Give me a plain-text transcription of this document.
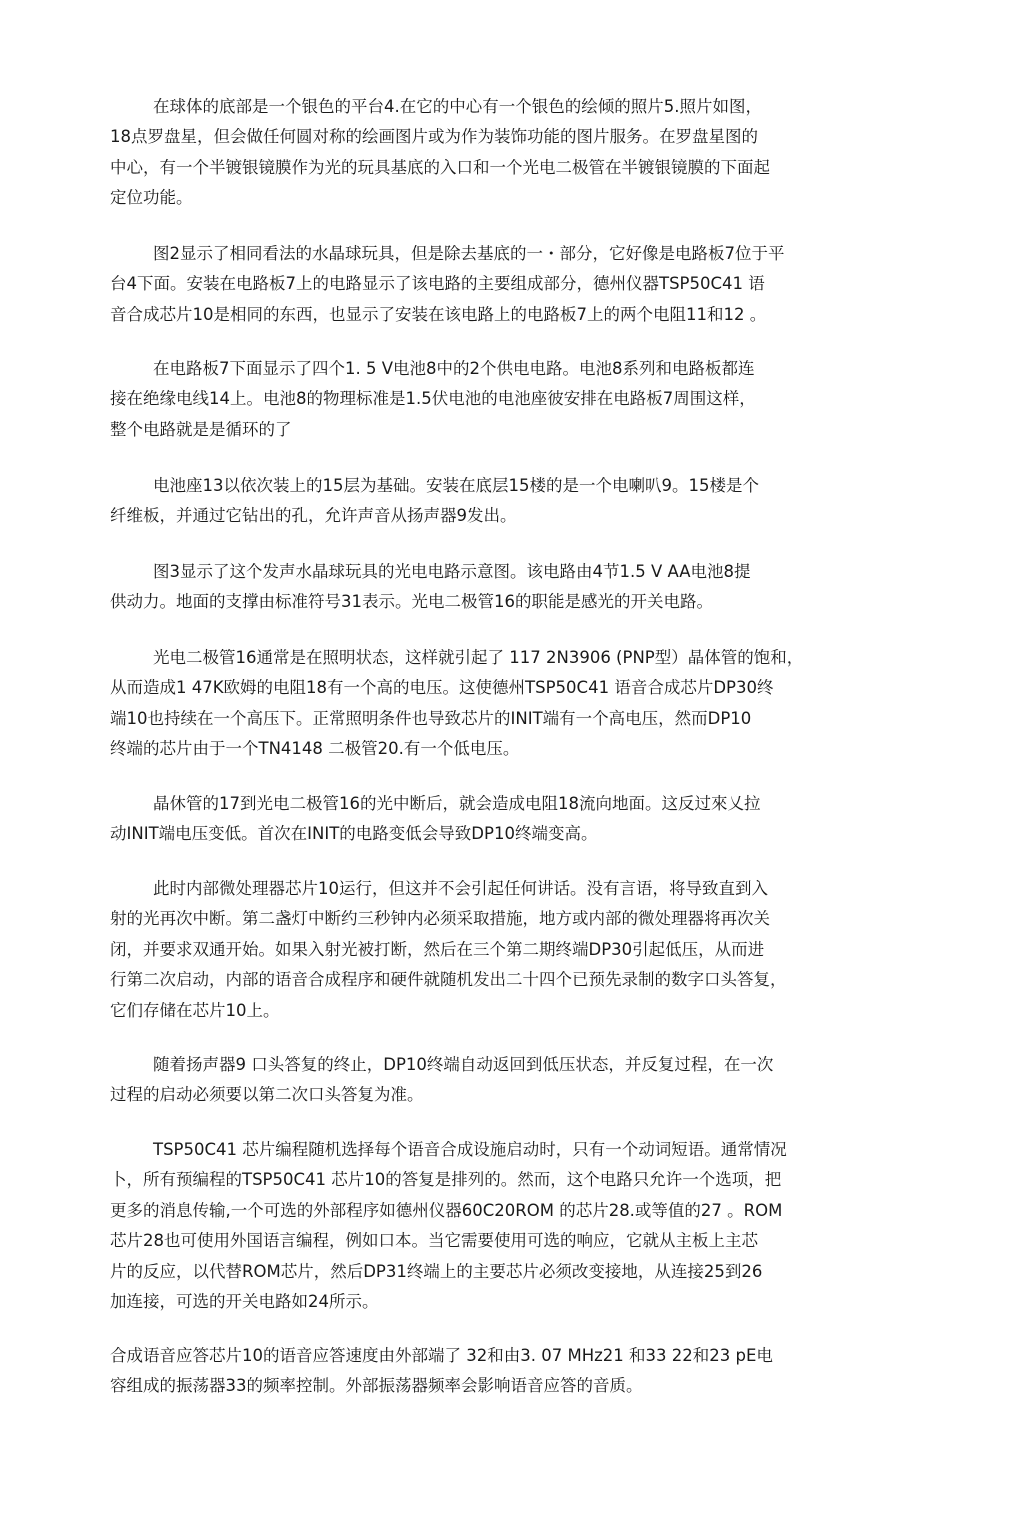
在球体的底部是一个银色的平台4.在它的中心有一个银色的绘倾的照片5.照片如图，
18点罗盘星，但会做任何圆对称的绘画图片或为作为装饰功能的图片服务。在罗盘星图的
中心，有一个半镀银镜膜作为光的玩具基底的入口和一个光电二极管在半镀银镜膜的下面起
定位功能。
图2显示了相同看法的水晶球玩具，但是除去基底的一・部分，它好像是电路板7位于平
台4下面。安装在电路板7上的电路显示了该电路的主要组成部分，德州仪器TSP50C41 语
音合成芯片10是相同的东西，也显示了安装在该电路上的电路板7上的两个电阻11和12 。
在电路板7下面显示了四个1. 5 V电池8中的2个供电电路。电池8系列和电路板都连
接在绝缘电线14上。电池8的物理标准是1.5伏电池的电池座彼安排在电路板7周围这样，
整个电路就是是循环的了
电池座13以依次装上的15层为基础。安装在底层15楼的是一个电喇叭9。15楼是个
纤维板，并通过它钻出的孔，允许声音从扬声器9发出。
图3显示了这个发声水晶球玩具的光电电路示意图。该电路由4节1.5 V AA电池8提
供动力。地面的支撑由标准符号31表示。光电二极管16的职能是感光的开关电路。
光电二极管16通常是在照明状态，这样就引起了 117 2N3906 (PNP型）晶体管的饱和，
从而造成1 47K欧姆的电阻18有一个高的电压。这使德州TSP50C41 语音合成芯片DP30终
端10也持续在一个高压下。正常照明条件也导致芯片的INIT端有一个高电压，然而DP10
终端的芯片由于一个TN4148 二极管20.有一个低电压。
晶休管的17到光电二极管16的光中断后，就会造成电阻18流向地面。这反过來乂拉
动INIT端电压变低。首次在INIT的电路变低会导致DP10终端变高。
此时内部微处理器芯片10运行，但这并不会引起任何讲话。没有言语，将导致直到入
射的光再次中断。第二盏灯中断约三秒钟内必须采取措施，地方或内部的微处理器将再次关
闭，并要求双通开始。如果入射光被打断，然后在三个第二期终端DP30引起低压，从而进
行第二次启动，内部的语音合成程序和硬件就随机发出二十四个已预先录制的数字口头答复，
它们存储在芯片10上。
随着扬声器9 口头答复的终止，DP10终端自动返回到低压状态，并反复过程，在一次
过程的启动必须要以第二次口头答复为准。
TSP50C41 芯片编程随机选择每个语音合成设施启动时，只有一个动词短语。通常情况
卜，所有预编程的TSP50C41 芯片10的答复是排列的。然而，这个电路只允许一个选项，把
更多的消息传输,一个可选的外部程序如德州仪器60C20ROM 的芯片28.或等值的27 。ROM
芯片28也可使用外国语言编程，例如口本。当它需要使用可选的响应，它就从主板上主芯
片的反应，以代替ROM芯片，然后DP31终端上的主要芯片必须改变接地，从连接25到26
加连接，可选的开关电路如24所示。
合成语音应答芯片10的语音应答速度由外部端了 32和由3. 07 MHz21 和33 22和23 pE电
容组成的振荡器33的频率控制。外部振荡器频率会影响语音应答的音质。
